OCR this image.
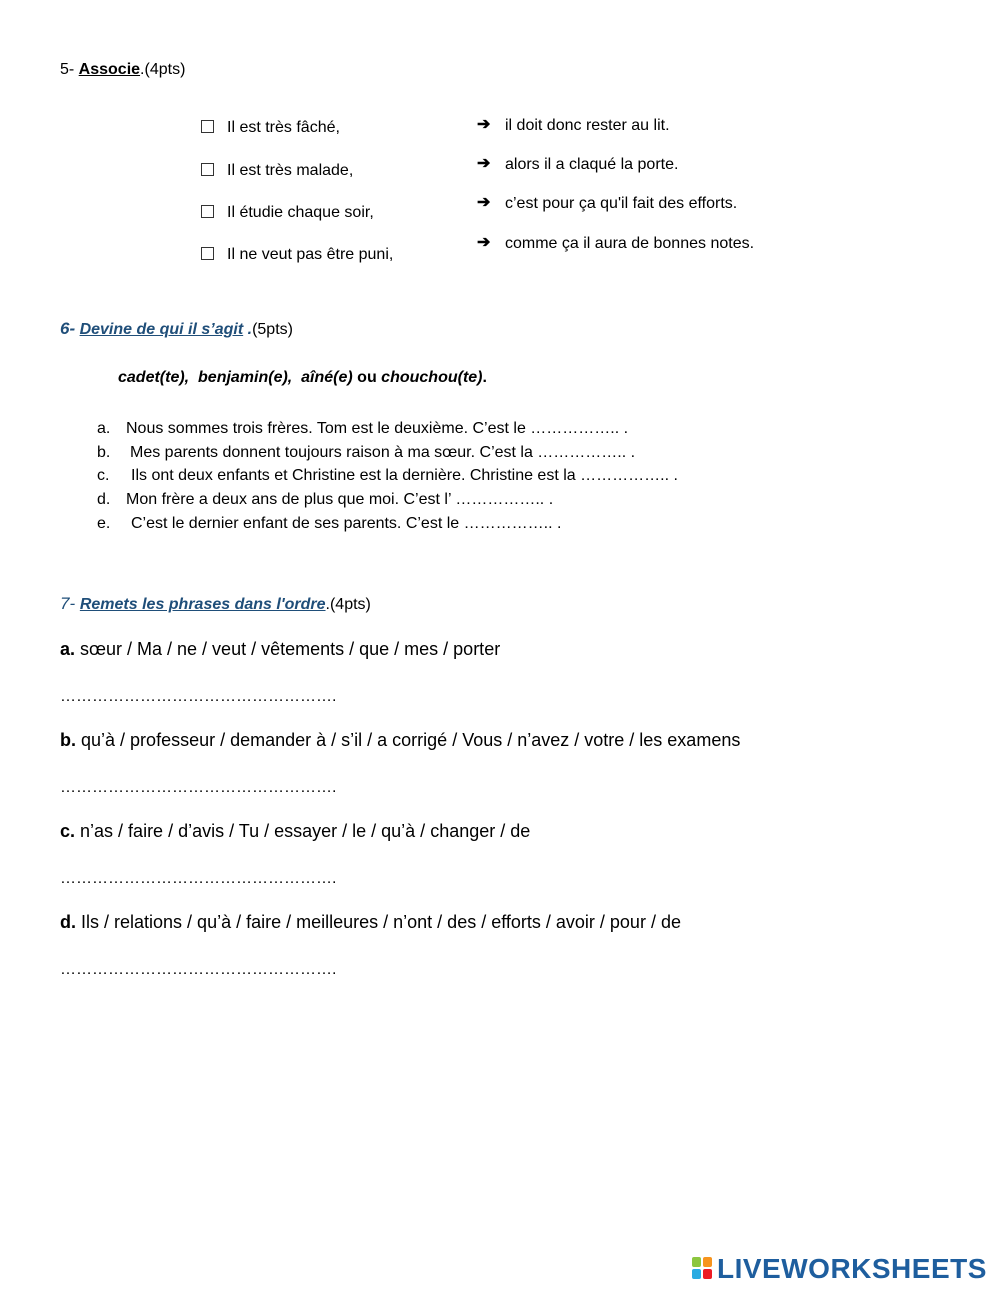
5- Associe.(4pts)
Il est très fâché,
Il est très malade,
Il étudie chaque soir,
Il ne veut pas être puni,
➔ il doit donc rester au lit.
➔ alors il a claqué la porte.
➔ c’est pour ça qu'il fait des efforts.
➔ comme ça il aura de bonnes notes.
6- Devine de qui il s’agit .(5pts)
cadet(te), benjamin(e), aîné(e) ou chouchou(te).
a. Nous sommes trois frères. Tom est le deuxième. C’est le …………….. .
b. Mes parents donnent toujours raison à ma sœur. C’est la …………….. .
c. Ils ont deux enfants et Christine est la dernière. Christine est la …………….. .
d. Mon frère a deux ans de plus que moi. C’est l’ …………….. .
e. C’est le dernier enfant de ses parents. C’est le …………….. .
7- Remets les phrases dans l'ordre.(4pts)
a. sœur / Ma / ne / veut / vêtements / que / mes / porter
…………………………………………….
b. qu’à / professeur / demander à / s’il / a corrigé / Vous / n’avez / votre / les examens
…………………………………………….
c. n’as / faire / d’avis / Tu / essayer / le / qu’à / changer / de
…………………………………………….
d. Ils / relations / qu’à / faire / meilleures / n’ont / des / efforts / avoir / pour / de
…………………………………………….
LIVEWORKSHEETS
